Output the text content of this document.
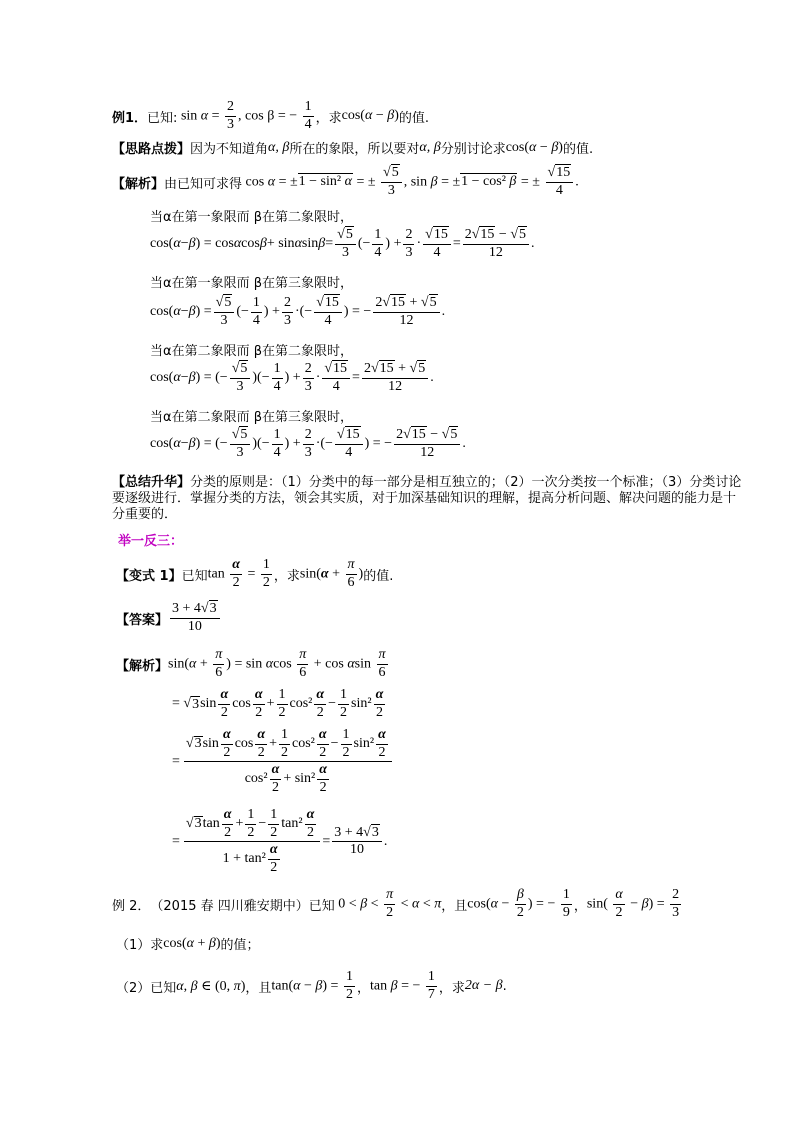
例1． 已知: $\sin \alpha = \frac{2}{3}$ , cos β = − $\frac{1}{4}$ ，求 cos(α − β) 的值.
【思路点拨】 因为不知道角 α, β 所在的象限，所以要对 α, β 分别讨论求 cos(α − β) 的值.
【解析】 由已知可求得 cos α = ±1 − sin² α = ± $\frac{√5}{3}$ , sin β = ±1 − cos² β = ± $\frac{√15}{4}$ .
当α在第一象限而 β在第二象限时，
cos( α − β ) = cos α cos β + sin α sin β =
√5
3
(−
1
4
) +
2
3
·
√15
4
=
2√15 − √5
12
.
当α在第一象限而 β在第三象限时，
cos( α − β ) =
√5
3
(−
1
4
) +
2
3
·(−
√15
4
) = −
2√15 + √5
12
.
当α在第二象限而 β在第二象限时，
cos( α − β ) = (−
√5
3
)(−
1
4
) +
2
3
·
√15
4
=
2√15 + √5
12
.
当α在第二象限而 β在第三象限时，
cos( α − β ) = (−
√5
3
)(−
1
4
) +
2
3
·(−
√15
4
) = −
2√15 − √5
12
.
【总结升华】分类的原则是：（1）分类中的每一部分是相互独立的；（2）一次分类按一个标准；（3）分类讨论要逐级进行．掌握分类的方法，领会其实质，对于加深基础知识的理解，提高分析问题、解决问题的能力是十分重要的．
举一反三：
【变式 1】 已知 $\tan \frac{\alpha}{2} = \frac{1}{2}$ ，求 $\sin(\alpha + \frac{\pi}{6}$ ) 的值.
【答案】 $\frac{3 + 4√3}{10}$
【解析】 $\sin(\alpha + \frac{\pi}{6}$ ) = sin αcos $\frac{\pi}{6} + \cos \alpha\sin \frac{\pi}{6}$
= √ 3 sin
α
2
cos
α
2
+
1
2
cos²
α
2
−
1
2
sin²
α
2
=
√ 3 sin
α
2
cos
α
2
+
1
2
cos²
α
2
−
1
2
sin²
α
2
cos²
α
2
+ sin²
α
2
=
√ 3 tan
α
2
+
1
2
−
1
2
tan²
α
2
1 + tan²
α
2
=
3 + 4√3
10
.
例 2． （2015 春 四川雅安期中） 已知 $0 < \beta < \frac{\pi}{2} < \alpha < \pi$ ，且 $\cos(\alpha - \frac{\beta}{2}$ ) = − $\frac{1}{9}$ ， $\sin( \frac{\alpha}{2} - \beta) = \frac{2}{3}$
（1） 求 cos(α + β) 的值；
（2） 已知 α, β ∈ (0, π) ，且 $\tan(\alpha - \beta) = \frac{1}{2}$ ， tan β = − $\frac{1}{7}$ ，求 2α − β .
